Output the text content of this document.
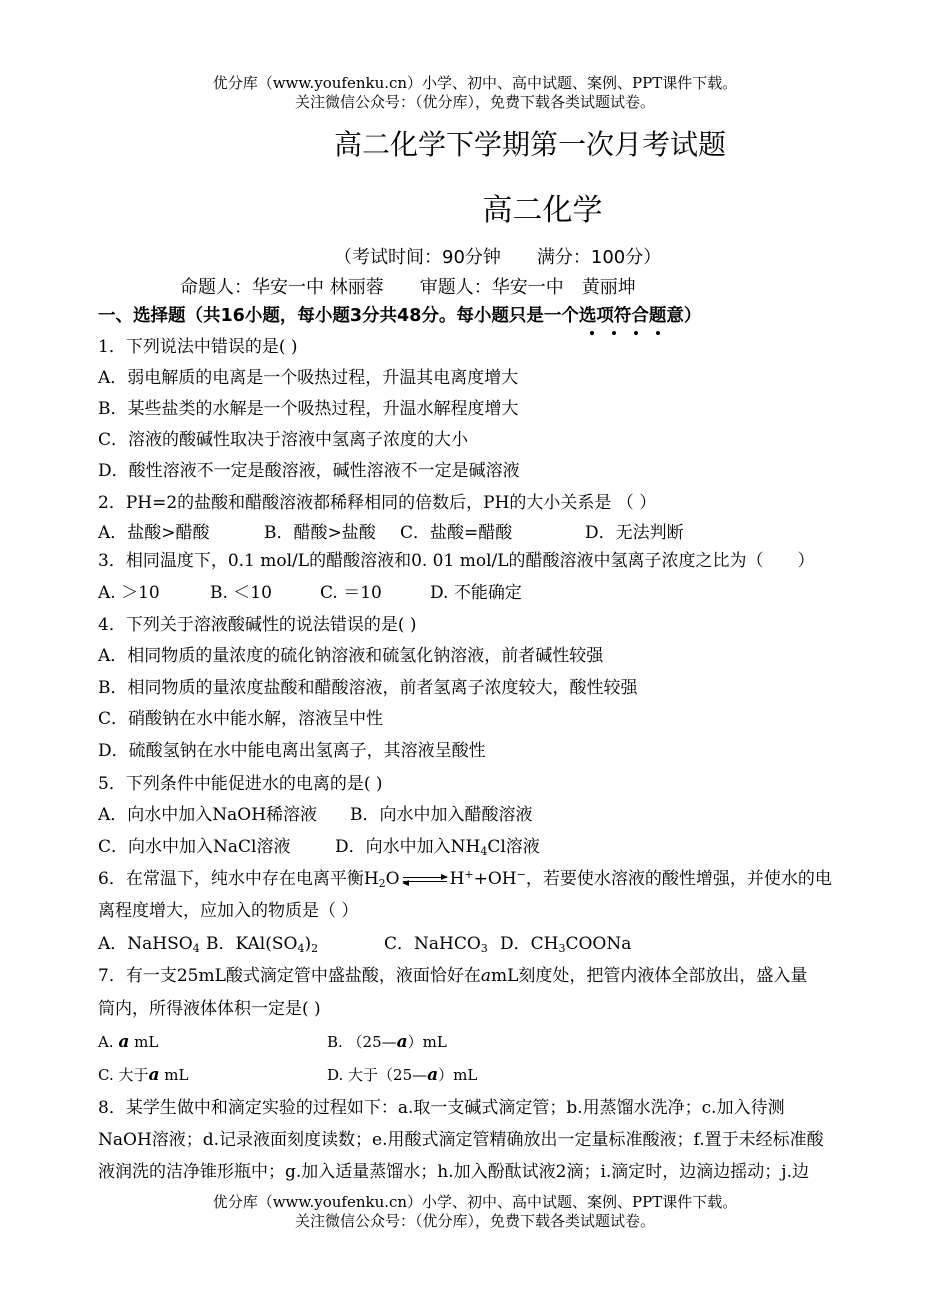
优分库（www.youfenku.cn）小学、初中、高中试题、案例、PPT课件下载。
关注微信公众号：（优分库），免费下载各类试题试卷。
高二化学下学期第一次月考试题
高二化学
（考试时间：90分钟　　满分：100分）
命题人：华安一中 林丽蓉　　审题人：华安一中　黄丽坤
一、选择题（共16小题，每小题3分共48分。每小题只是一个选项符合题意）
1．下列说法中错误的是( )
A．弱电解质的电离是一个吸热过程，升温其电离度增大
B．某些盐类的水解是一个吸热过程，升温水解程度增大
C．溶液的酸碱性取决于溶液中氢离子浓度的大小
D．酸性溶液不一定是酸溶液，碱性溶液不一定是碱溶液
2．PH=2的盐酸和醋酸溶液都稀释相同的倍数后，PH的大小关系是 （ ）
A．盐酸>醋酸	B．醋酸>盐酸 C．盐酸=醋酸	D．无法判断
3．相同温度下，0.1 mol/L的醋酸溶液和0. 01 mol/L的醋酸溶液中氢离子浓度之比为（　　）
A. ＞10	B. ＜10	C. ＝10	D. 不能确定
4．下列关于溶液酸碱性的说法错误的是( )
A．相同物质的量浓度的硫化钠溶液和硫氢化钠溶液，前者碱性较强
B．相同物质的量浓度盐酸和醋酸溶液，前者氢离子浓度较大，酸性较强
C．硝酸钠在水中能水解，溶液呈中性
D．硫酸氢钠在水中能电离出氢离子，其溶液呈酸性
5．下列条件中能促进水的电离的是( )
A．向水中加入NaOH稀溶液 B．向水中加入醋酸溶液
C．向水中加入NaCl溶液	D．向水中加入$NH_4Cl$溶液
6．在常温下，纯水中存在电离平衡$H_2O$	H++OH−，若要使水溶液的酸性增强，并使水的电
离程度增大，应加入的物质是（ ）
A．NaHSO$_4$ B．$KAl(SO_4)_2$	C．NaHCO$_3$ D．$CH_3COONa$
7．有一支25mL酸式滴定管中盛盐酸，液面恰好在amL刻度处，把管内液体全部放出，盛入量
筒内，所得液体体积一定是( )
A. a mL	B. （25—a）mL
C. 大于a mL	D. 大于（25—a）mL
8．某学生做中和滴定实验的过程如下：a.取一支碱式滴定管；b.用蒸馏水洗净；c.加入待测
NaOH溶液；d.记录液面刻度读数；e.用酸式滴定管精确放出一定量标准酸液；f.置于未经标准酸
液润洗的洁净锥形瓶中；g.加入适量蒸馏水；h.加入酚酞试液2滴；i.滴定时，边滴边摇动；j.边
优分库（www.youfenku.cn）小学、初中、高中试题、案例、PPT课件下载。
关注微信公众号：（优分库），免费下载各类试题试卷。
